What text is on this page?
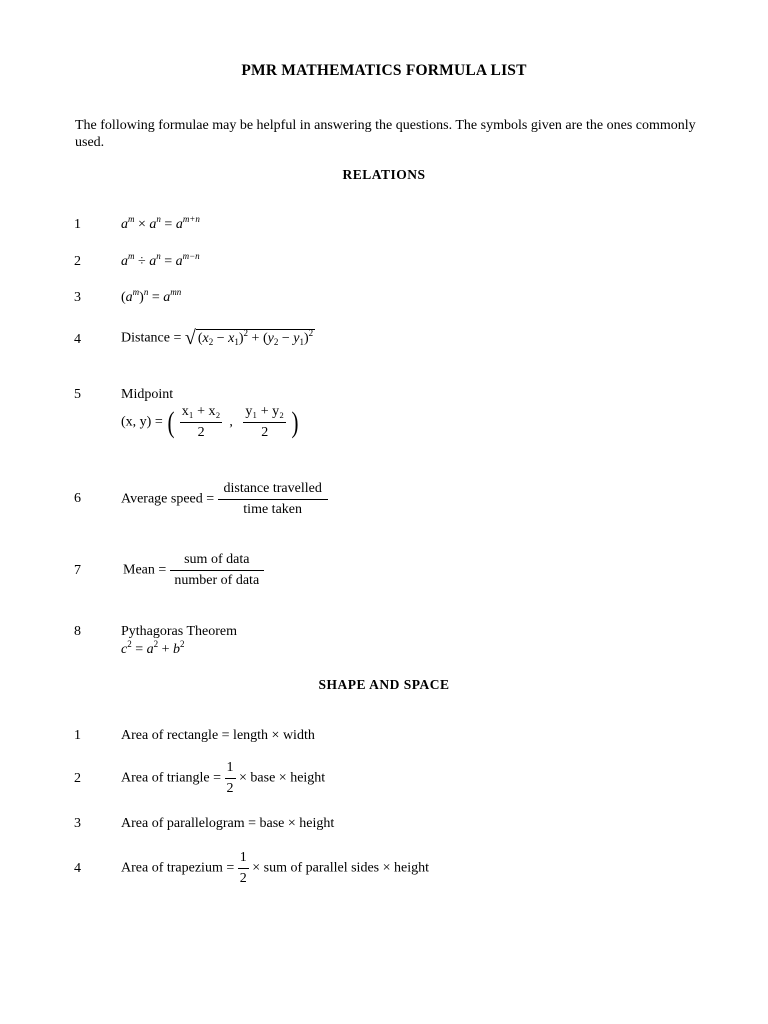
PMR MATHEMATICS FORMULA LIST
The following formulae may be helpful in answering the questions. The symbols given are the ones commonly used.
RELATIONS
1	$a^m \times a^n = a^{m+n}$
2	$a^m \div a^n = a^{m-n}$
3	$(a^m)^n = a^{mn}$
4	Distance = √ $(x_2 - x_1)^2 + (y_2 - y_1)^2$
5	Midpoint
(x, y) = ( $\frac{\text{x₁ + x₂}}{2}$ , $\frac{\text{y₁ + y₂}}{2}$ )
6	Average speed = $\frac{\text{distance travelled}}{\text{time taken}}$
7	Mean = $\frac{\text{sum of data}}{\text{number of data}}$
8	Pythagoras Theorem
$c^2 = a^2 + b^2$
SHAPE AND SPACE
1	Area of rectangle = length × width
2	Area of triangle = $\frac{1}{2}$ × base × height
3	Area of parallelogram = base × height
4	Area of trapezium = $\frac{1}{2}$ × sum of parallel sides × height
